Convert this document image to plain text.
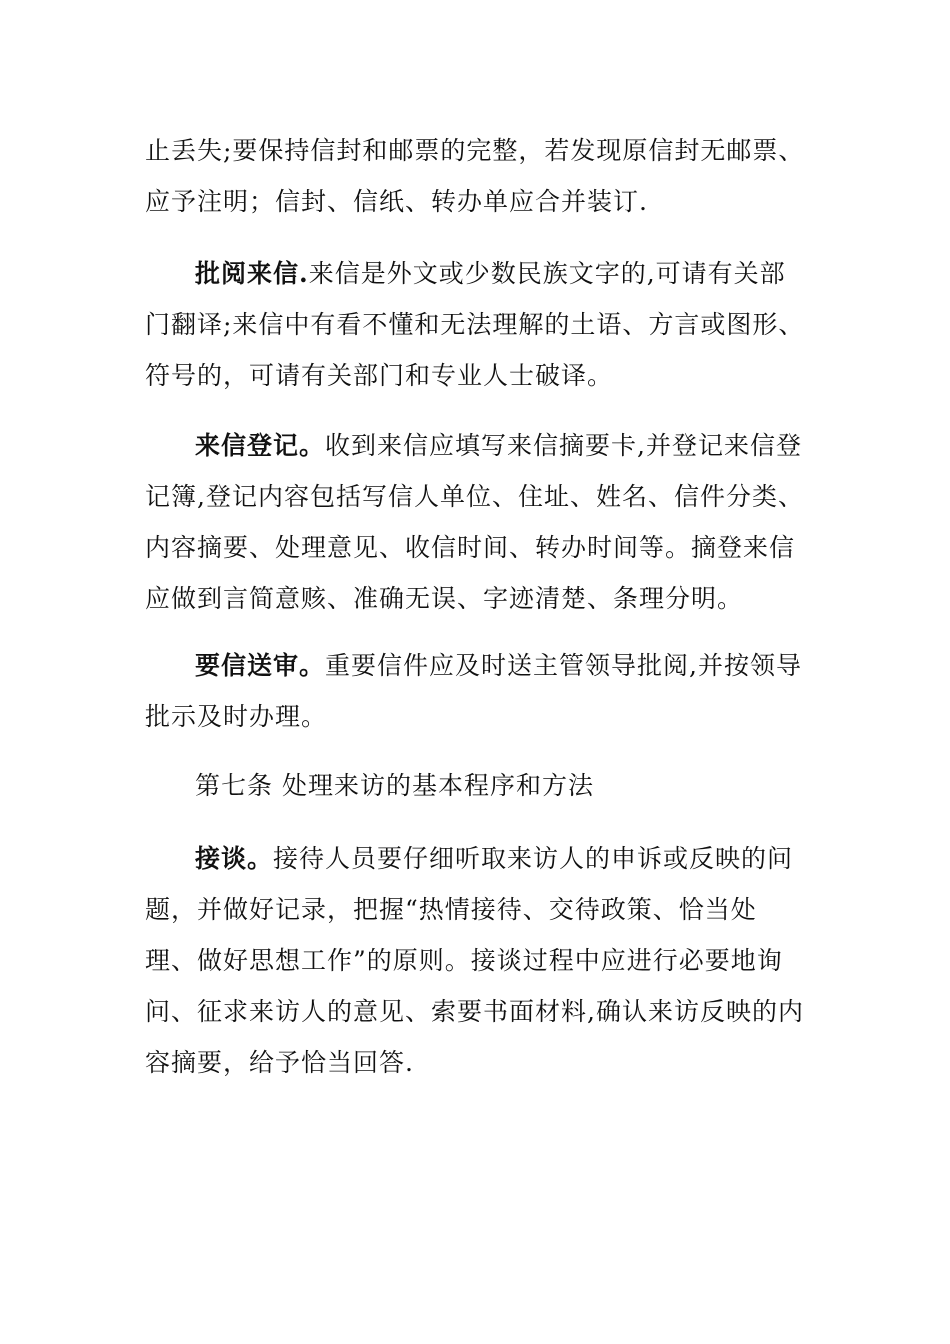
止丢失;要保持信封和邮票的完整，若发现原信封无邮票、应予注明；信封、信纸、转办单应合并装订.

批阅来信.来信是外文或少数民族文字的,可请有关部门翻译;来信中有看不懂和无法理解的土语、方言或图形、符号的，可请有关部门和专业人士破译。

来信登记。收到来信应填写来信摘要卡,并登记来信登记簿,登记内容包括写信人单位、住址、姓名、信件分类、内容摘要、处理意见、收信时间、转办时间等。摘登来信应做到言简意赅、准确无误、字迹清楚、条理分明。

要信送审。重要信件应及时送主管领导批阅,并按领导批示及时办理。

第七条 处理来访的基本程序和方法

接谈。接待人员要仔细听取来访人的申诉或反映的问题，并做好记录，把握“热情接待、交待政策、恰当处理、做好思想工作”的原则。接谈过程中应进行必要地询问、征求来访人的意见、索要书面材料,确认来访反映的内容摘要，给予恰当回答.
